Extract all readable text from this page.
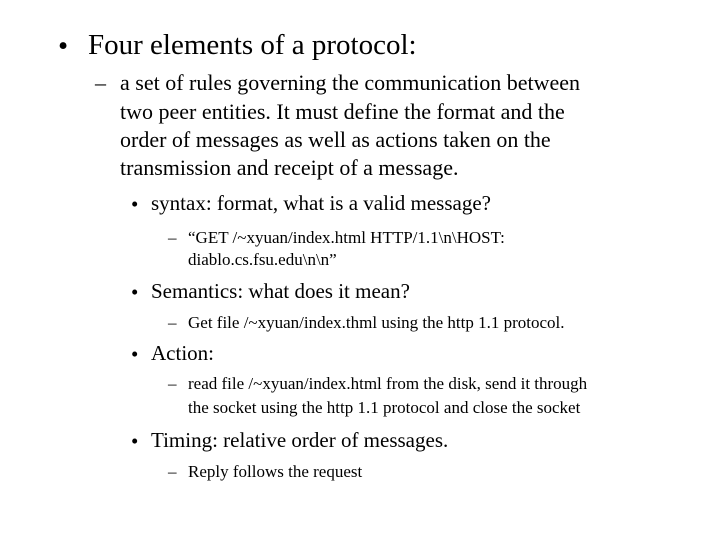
• Four elements of a protocol:
– a set of rules governing the communication between
two peer entities. It must define the format and the
order of messages as well as actions taken on the
transmission and receipt of a message.
• syntax: format, what is a valid message?
– “GET /~xyuan/index.html HTTP/1.1\n\HOST:
diablo.cs.fsu.edu\n\n”
• Semantics: what does it mean?
– Get file /~xyuan/index.thml using the http 1.1 protocol.
• Action:
– read file /~xyuan/index.html from the disk, send it through
the socket using the http 1.1 protocol and close the socket
• Timing: relative order of messages.
– Reply follows the request
